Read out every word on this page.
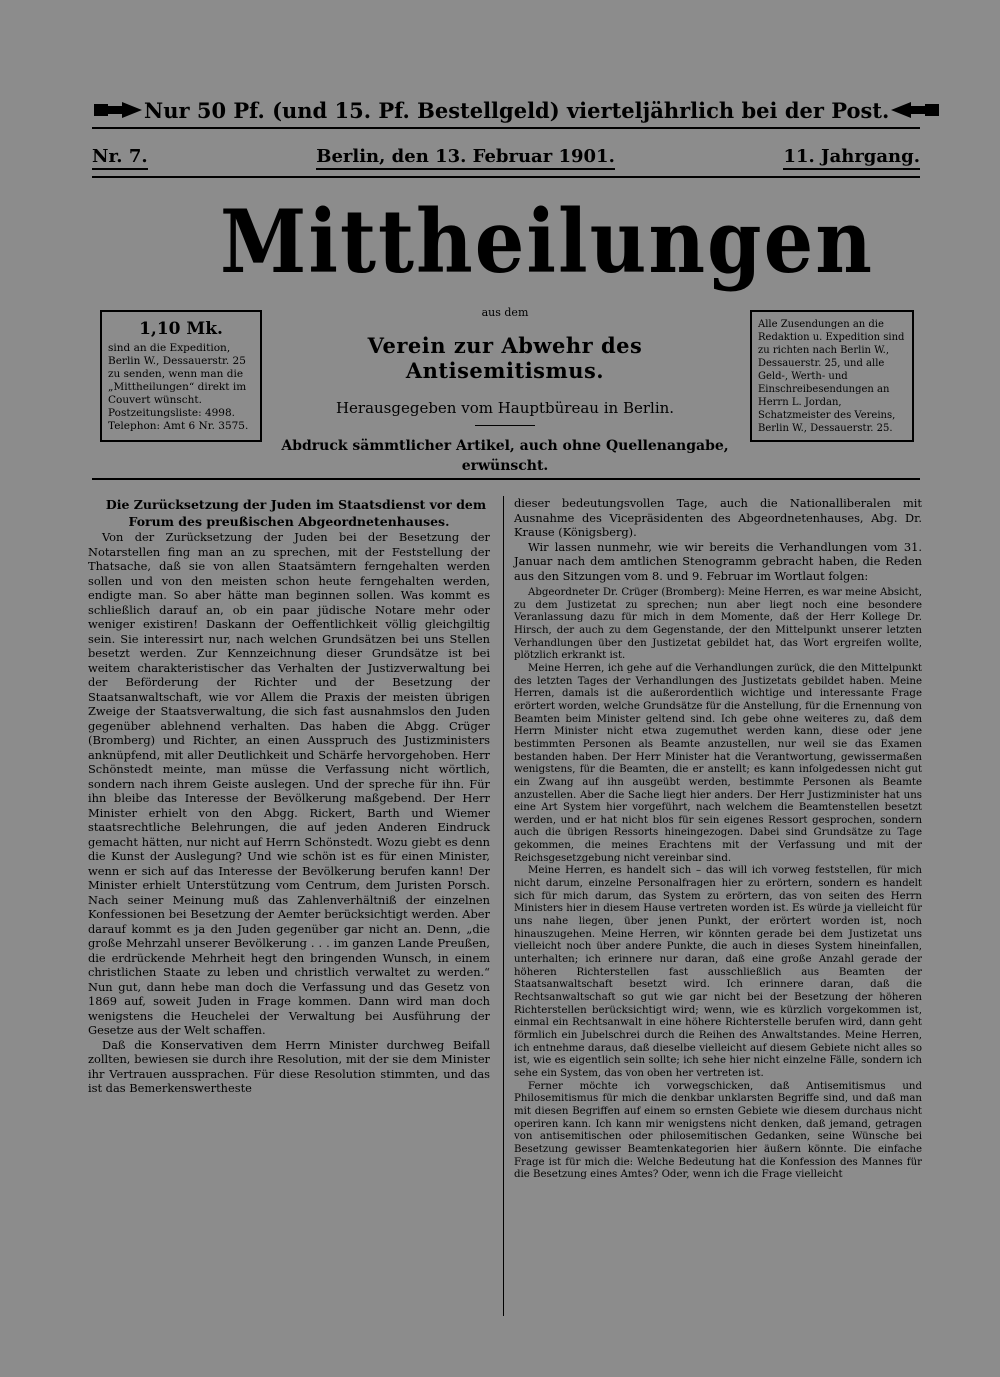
Nur 50 Pf. (und 15. Pf. Bestellgeld) vierteljährlich bei der Post.
Nr. 7.	Berlin, den 13. Februar 1901.	11. Jahrgang.
Mittheilungen
1,10 Mk.
sind an die Expedition, Berlin W., Dessauerstr. 25 zu senden, wenn man die „Mittheilungen“ direkt im Couvert wünscht.
Postzeitungsliste: 4998.
Telephon: Amt 6 Nr. 3575.
aus dem
Verein zur Abwehr des Antisemitismus.
Herausgegeben vom Hauptbüreau in Berlin.
Abdruck sämmtlicher Artikel, auch ohne Quellenangabe, erwünscht.
Alle Zusendungen an die Redaktion u. Expedition sind zu richten nach Berlin W., Dessauerstr. 25, und alle Geld-, Werth- und Einschreibesendungen an Herrn L. Jordan, Schatzmeister des Vereins, Berlin W., Dessauerstr. 25.

Die Zurücksetzung der Juden im Staatsdienst vor dem Forum des preußischen Abgeordnetenhauses.

Von der Zurücksetzung der Juden bei der Besetzung der Notarstellen fing man an zu sprechen, mit der Feststellung der Thatsache, daß sie von allen Staatsämtern ferngehalten werden sollen und von den meisten schon heute ferngehalten werden, endigte man. So aber hätte man beginnen sollen. Was kommt es schließlich darauf an, ob ein paar jüdische Notare mehr oder weniger existiren! Daskann der Oeffentlichkeit völlig gleichgiltig sein. Sie interessirt nur, nach welchen Grundsätzen bei uns Stellen besetzt werden. Zur Kennzeichnung dieser Grundsätze ist bei weitem charakteristischer das Verhalten der Justizverwaltung bei der Beförderung der Richter und der Besetzung der Staatsanwaltschaft, wie vor Allem die Praxis der meisten übrigen Zweige der Staatsverwaltung, die sich fast ausnahmslos den Juden gegenüber ablehnend verhalten. Das haben die Abgg. Crüger (Bromberg) und Richter, an einen Ausspruch des Justizministers anknüpfend, mit aller Deutlichkeit und Schärfe hervorgehoben. Herr Schönstedt meinte, man müsse die Verfassung nicht wörtlich, sondern nach ihrem Geiste auslegen. Und der spreche für ihn. Für ihn bleibe das Interesse der Bevölkerung maßgebend. Der Herr Minister erhielt von den Abgg. Rickert, Barth und Wiemer staatsrechtliche Belehrungen, die auf jeden Anderen Eindruck gemacht hätten, nur nicht auf Herrn Schönstedt. Wozu giebt es denn die Kunst der Auslegung? Und wie schön ist es für einen Minister, wenn er sich auf das Interesse der Bevölkerung berufen kann! Der Minister erhielt Unterstützung vom Centrum, dem Juristen Porsch. Nach seiner Meinung muß das Zahlenverhältniß der einzelnen Konfessionen bei Besetzung der Aemter berücksichtigt werden. Aber darauf kommt es ja den Juden gegenüber gar nicht an. Denn, „die große Mehrzahl unserer Bevölkerung . . . im ganzen Lande Preußen, die erdrückende Mehrheit hegt den bringenden Wunsch, in einem christlichen Staate zu leben und christlich verwaltet zu werden.“ Nun gut, dann hebe man doch die Verfassung und das Gesetz von 1869 auf, soweit Juden in Frage kommen. Dann wird man doch wenigstens die Heuchelei der Verwaltung bei Ausführung der Gesetze aus der Welt schaffen.

Daß die Konservativen dem Herrn Minister durchweg Beifall zollten, bewiesen sie durch ihre Resolution, mit der sie dem Minister ihr Vertrauen aussprachen. Für diese Resolution stimmten, und das ist das Bemerkenswertheste

dieser bedeutungsvollen Tage, auch die Nationalliberalen mit Ausnahme des Vicepräsidenten des Abgeordnetenhauses, Abg. Dr. Krause (Königsberg).

Wir lassen nunmehr, wie wir bereits die Verhandlungen vom 31. Januar nach dem amtlichen Stenogramm gebracht haben, die Reden aus den Sitzungen vom 8. und 9. Februar im Wortlaut folgen:

Abgeordneter Dr. Crüger (Bromberg): Meine Herren, es war meine Absicht, zu dem Justizetat zu sprechen; nun aber liegt noch eine besondere Veranlassung dazu für mich in dem Momente, daß der Herr Kollege Dr. Hirsch, der auch zu dem Gegenstande, der den Mittelpunkt unserer letzten Verhandlungen über den Justizetat gebildet hat, das Wort ergreifen wollte, plötzlich erkrankt ist.

Meine Herren, ich gehe auf die Verhandlungen zurück, die den Mittelpunkt des letzten Tages der Verhandlungen des Justizetats gebildet haben. Meine Herren, damals ist die außerordentlich wichtige und interessante Frage erörtert worden, welche Grundsätze für die Anstellung, für die Ernennung von Beamten beim Minister geltend sind. Ich gebe ohne weiteres zu, daß dem Herrn Minister nicht etwa zugemuthet werden kann, diese oder jene bestimmten Personen als Beamte anzustellen, nur weil sie das Examen bestanden haben. Der Herr Minister hat die Verantwortung, gewissermaßen wenigstens, für die Beamten, die er anstellt; es kann infolgedessen nicht gut ein Zwang auf ihn ausgeübt werden, bestimmte Personen als Beamte anzustellen. Aber die Sache liegt hier anders. Der Herr Justizminister hat uns eine Art System hier vorgeführt, nach welchem die Beamtenstellen besetzt werden, und er hat nicht blos für sein eigenes Ressort gesprochen, sondern auch die übrigen Ressorts hineingezogen. Dabei sind Grundsätze zu Tage gekommen, die meines Erachtens mit der Verfassung und mit der Reichsgesetzgebung nicht vereinbar sind.

Meine Herren, es handelt sich – das will ich vorweg feststellen, für mich nicht darum, einzelne Personalfragen hier zu erörtern, sondern es handelt sich für mich darum, das System zu erörtern, das von seiten des Herrn Ministers hier in diesem Hause vertreten worden ist. Es würde ja vielleicht für uns nahe liegen, über jenen Punkt, der erörtert worden ist, noch hinauszugehen. Meine Herren, wir könnten gerade bei dem Justizetat uns vielleicht noch über andere Punkte, die auch in dieses System hineinfallen, unterhalten; ich erinnere nur daran, daß eine große Anzahl gerade der höheren Richterstellen fast ausschließlich aus Beamten der Staatsanwaltschaft besetzt wird. Ich erinnere daran, daß die Rechtsanwaltschaft so gut wie gar nicht bei der Besetzung der höheren Richterstellen berücksichtigt wird; wenn, wie es kürzlich vorgekommen ist, einmal ein Rechtsanwalt in eine höhere Richterstelle berufen wird, dann geht förmlich ein Jubelschrei durch die Reihen des Anwaltstandes. Meine Herren, ich entnehme daraus, daß dieselbe vielleicht auf diesem Gebiete nicht alles so ist, wie es eigentlich sein sollte; ich sehe hier nicht einzelne Fälle, sondern ich sehe ein System, das von oben her vertreten ist.

Ferner möchte ich vorwegschicken, daß Antisemitismus und Philosemitismus für mich die denkbar unklarsten Begriffe sind, und daß man mit diesen Begriffen auf einem so ernsten Gebiete wie diesem durchaus nicht operiren kann. Ich kann mir wenigstens nicht denken, daß jemand, getragen von antisemitischen oder philosemitischen Gedanken, seine Wünsche bei Besetzung gewisser Beamtenkategorien hier äußern könnte. Die einfache Frage ist für mich die: Welche Bedeutung hat die Konfession des Mannes für die Besetzung eines Amtes? Oder, wenn ich die Frage vielleicht
